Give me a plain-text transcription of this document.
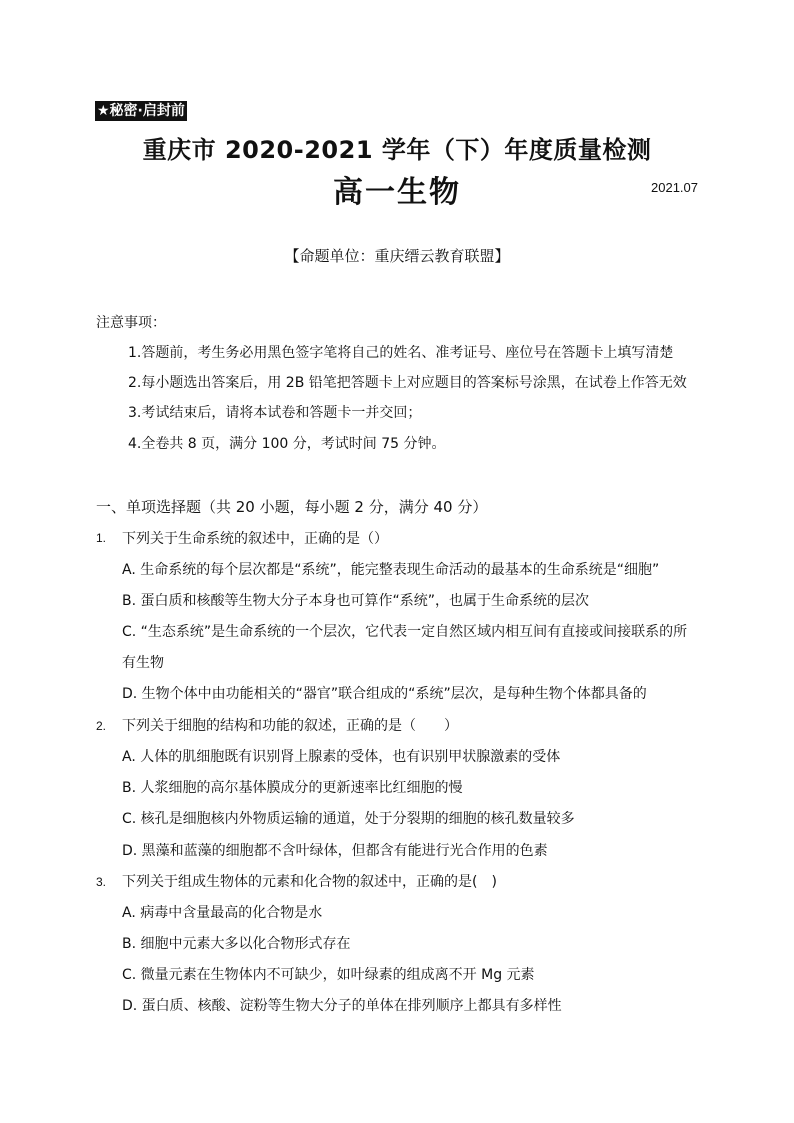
★秘密·启封前
重庆市 2020-2021 学年（下）年度质量检测
高一生物	2021.07
【命题单位：重庆缙云教育联盟】
注意事项：
1.答题前，考生务必用黑色签字笔将自己的姓名、准考证号、座位号在答题卡上填写清楚
2.每小题选出答案后，用 2B 铅笔把答题卡上对应题目的答案标号涂黑，在试卷上作答无效
3.考试结束后，请将本试卷和答题卡一并交回；
4.全卷共 8 页，满分 100 分，考试时间 75 分钟。
一、单项选择题（共 20 小题，每小题 2 分，满分 40 分）
1. 下列关于生命系统的叙述中，正确的是（）
A. 生命系统的每个层次都是“系统”，能完整表现生命活动的最基本的生命系统是“细胞”
B. 蛋白质和核酸等生物大分子本身也可算作“系统”，也属于生命系统的层次
C. “生态系统”是生命系统的一个层次，它代表一定自然区域内相互间有直接或间接联系的所
有生物
D. 生物个体中由功能相关的“器官”联合组成的“系统”层次，是每种生物个体都具备的
2. 下列关于细胞的结构和功能的叙述，正确的是（　　）
A. 人体的肌细胞既有识别肾上腺素的受体，也有识别甲状腺激素的受体
B. 人浆细胞的高尔基体膜成分的更新速率比红细胞的慢
C. 核孔是细胞核内外物质运输的通道，处于分裂期的细胞的核孔数量较多
D. 黑藻和蓝藻的细胞都不含叶绿体，但都含有能进行光合作用的色素
3. 下列关于组成生物体的元素和化合物的叙述中，正确的是(　)
A. 病毒中含量最高的化合物是水
B. 细胞中元素大多以化合物形式存在
C. 微量元素在生物体内不可缺少，如叶绿素的组成离不开 Mg 元素
D. 蛋白质、核酸、淀粉等生物大分子的单体在排列顺序上都具有多样性
